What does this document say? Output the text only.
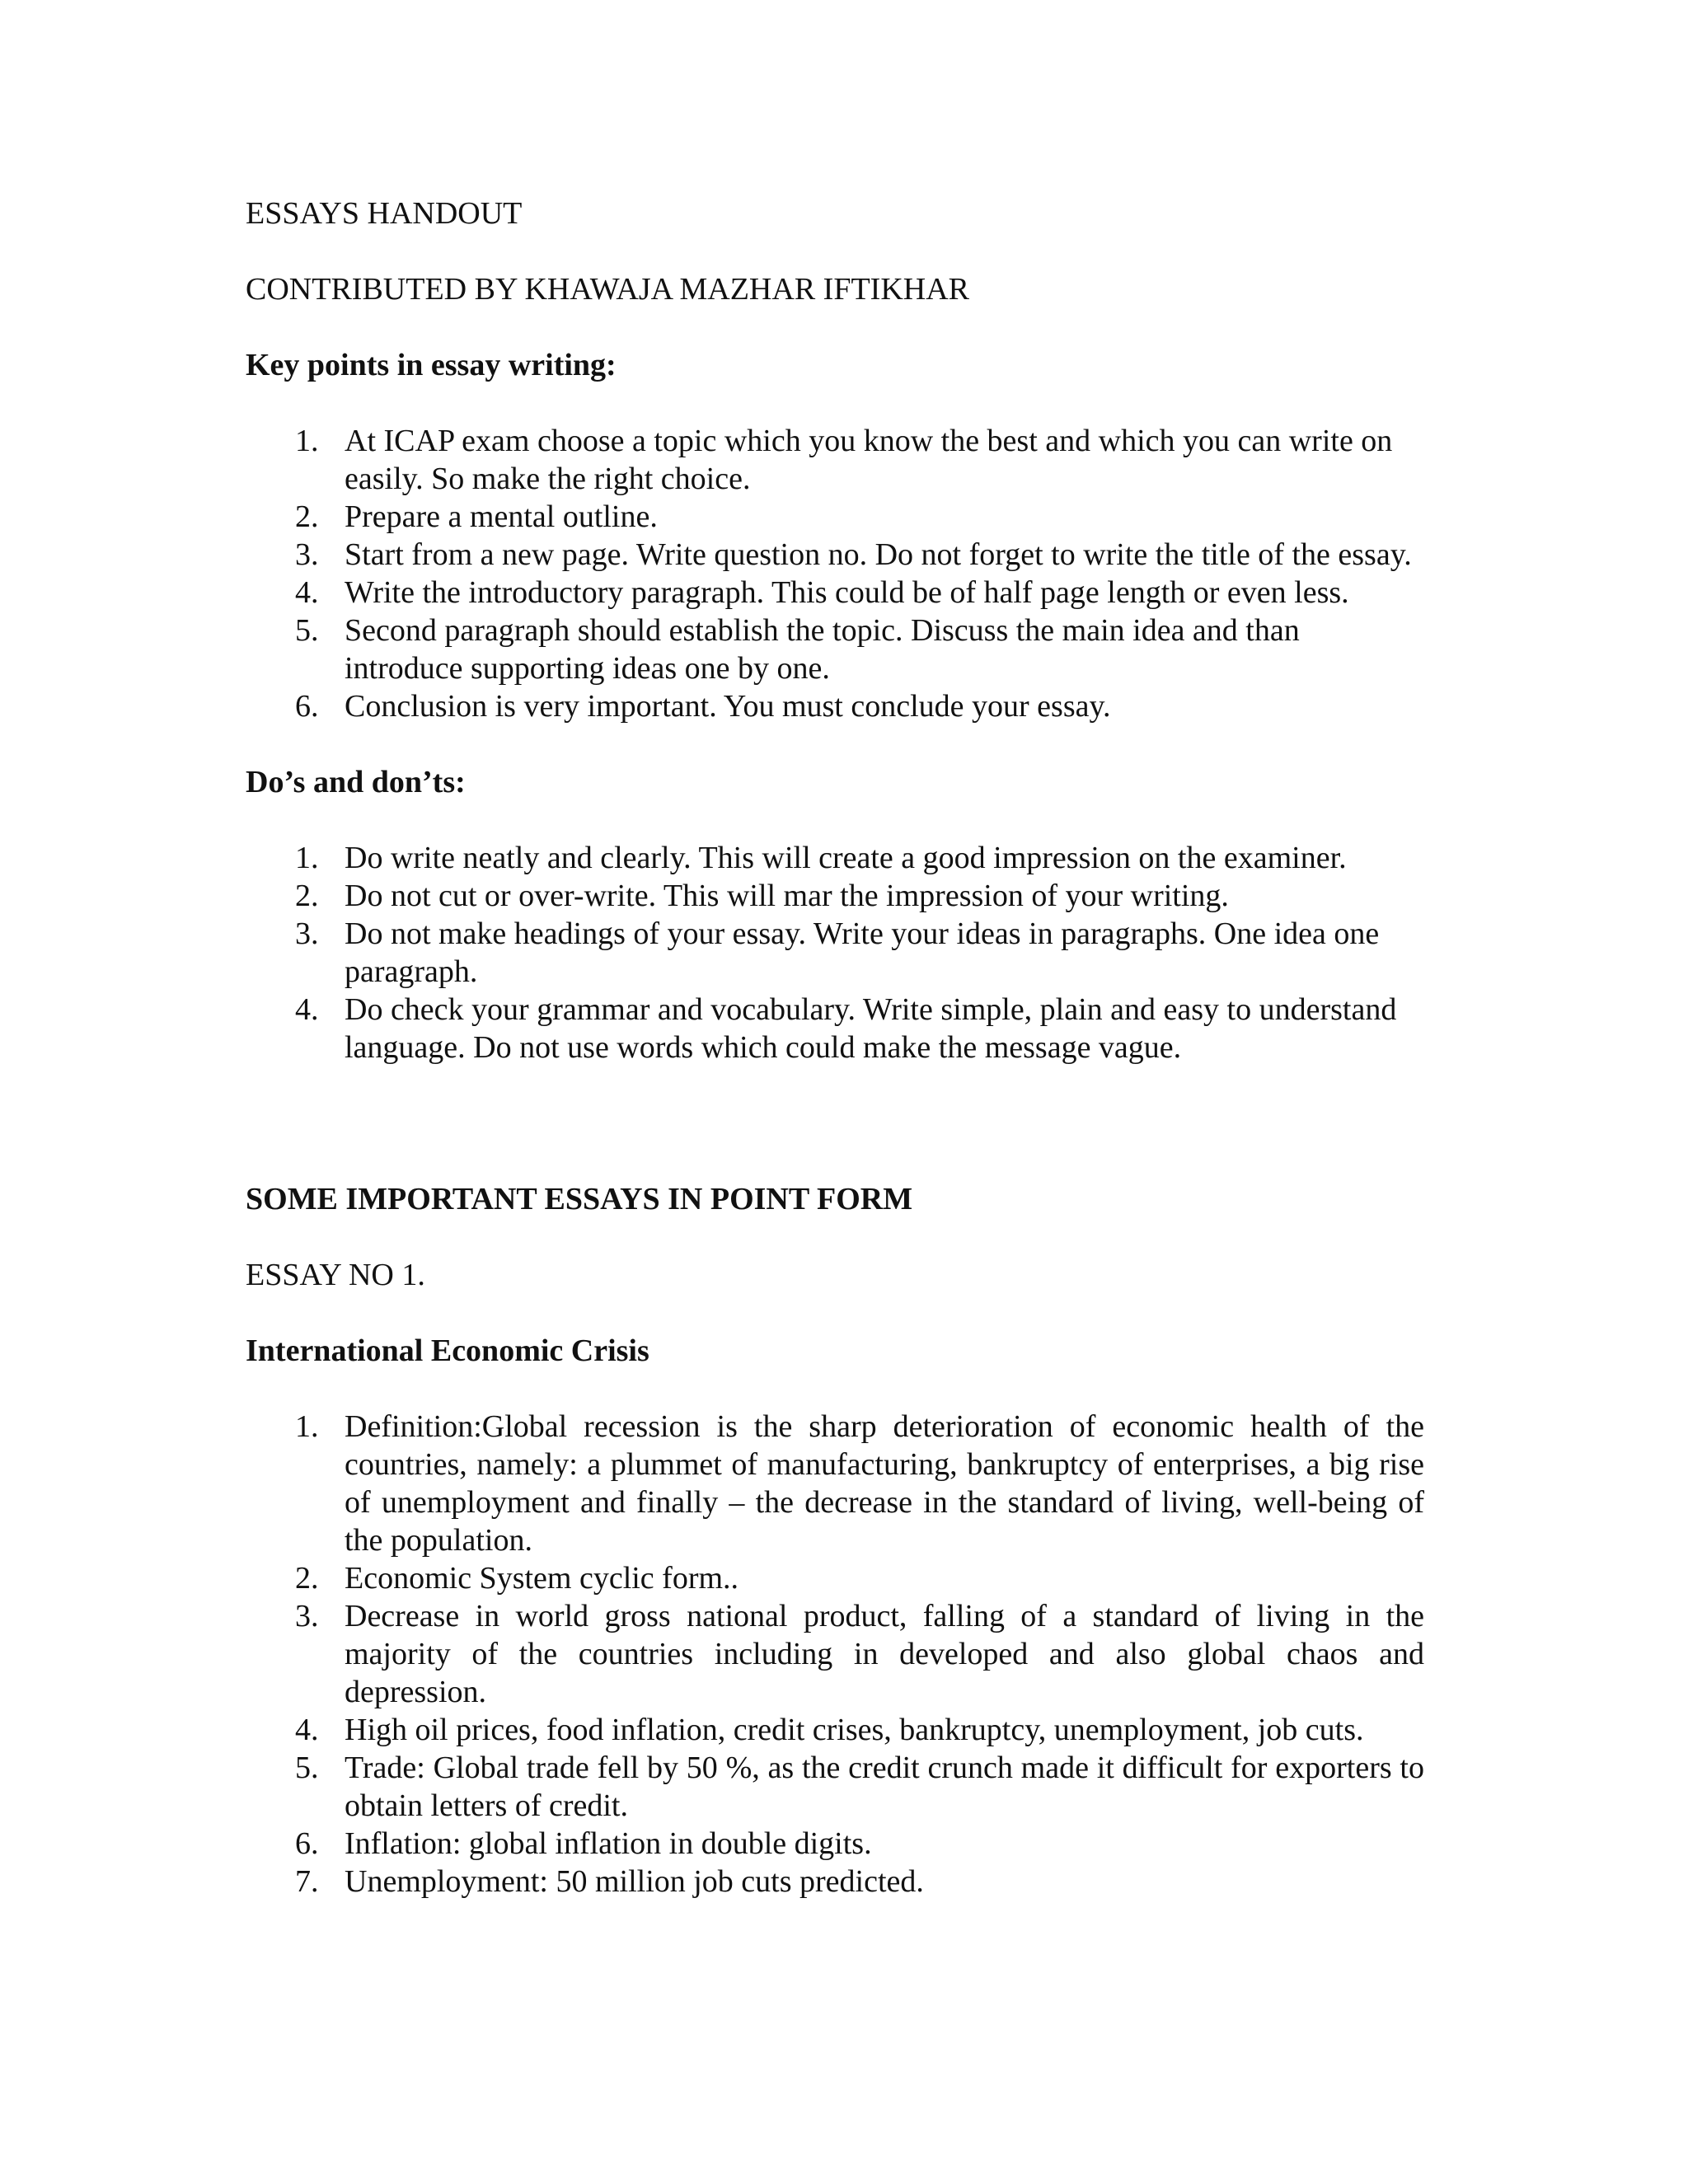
ESSAYS HANDOUT

CONTRIBUTED BY KHAWAJA MAZHAR IFTIKHAR

Key points in essay writing:

1. At ICAP exam choose a topic which you know the best and which you can write on easily. So make the right choice.
2. Prepare a mental outline.
3. Start from a new page. Write question no. Do not forget to write the title of the essay.
4. Write the introductory paragraph. This could be of half page length or even less.
5. Second paragraph should establish the topic. Discuss the main idea and than introduce supporting ideas one by one.
6. Conclusion is very important. You must conclude your essay.

Do’s and don’ts:

1. Do write neatly and clearly. This will create a good impression on the examiner.
2. Do not cut or over-write. This will mar the impression of your writing.
3. Do not make headings of your essay. Write your ideas in paragraphs. One idea one paragraph.
4. Do check your grammar and vocabulary. Write simple, plain and easy to understand language. Do not use words which could make the message vague.

SOME IMPORTANT ESSAYS IN POINT FORM

ESSAY NO 1.

International Economic Crisis

1. Definition:Global recession is the sharp deterioration of economic health of the countries, namely: a plummet of manufacturing, bankruptcy of enterprises, a big rise of unemployment and finally – the decrease in the standard of living, well-being of the population.
2. Economic System cyclic form..
3. Decrease in world gross national product, falling of a standard of living in the majority of the countries including in developed and also global chaos and depression.
4. High oil prices, food inflation, credit crises, bankruptcy, unemployment, job cuts.
5. Trade: Global trade fell by 50 %, as the credit crunch made it difficult for exporters to obtain letters of credit.
6. Inflation: global inflation in double digits.
7. Unemployment: 50 million job cuts predicted.
